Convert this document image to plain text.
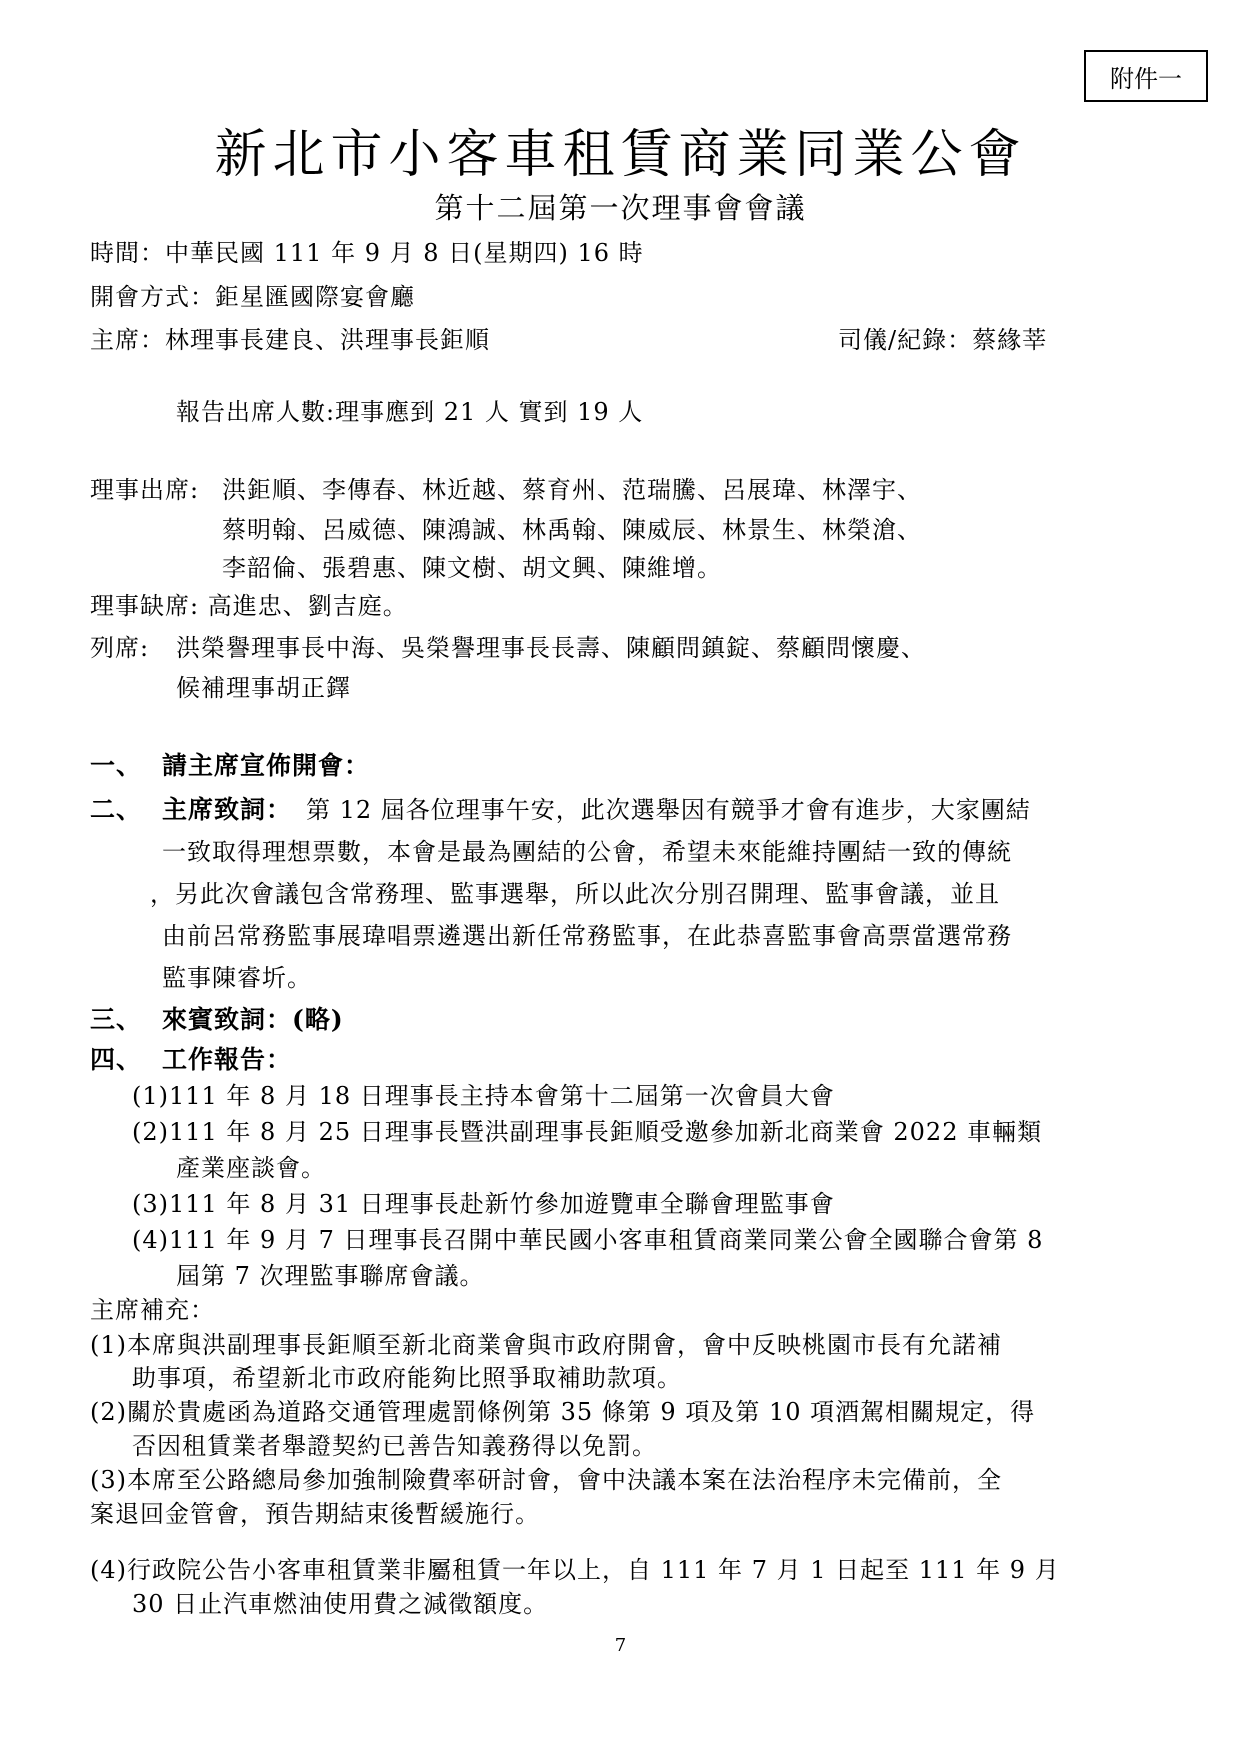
附件一
新北市小客車租賃商業同業公會
第十二屆第一次理事會會議
時間：中華民國 111 年 9 月 8 日(星期四) 16 時
開會方式：鉅星匯國際宴會廳
主席：林理事長建良、洪理事長鉅順	司儀/紀錄：蔡緣莘
報告出席人數:理事應到 21 人 實到 19 人
理事出席: 洪鉅順、李傳春、林近越、蔡育州、范瑞騰、呂展瑋、林澤宇、
蔡明翰、呂威德、陳鴻誠、林禹翰、陳威辰、林景生、林榮滄、
李韶倫、張碧惠、陳文樹、胡文興、陳維增。
理事缺席: 高進忠、劉吉庭。
列席: 洪榮譽理事長中海、吳榮譽理事長長壽、陳顧問鎮錠、蔡顧問懷慶、
候補理事胡正鐸
一、 請主席宣佈開會：
二、 主席致詞： 第 12 屆各位理事午安，此次選舉因有競爭才會有進步，大家團結
一致取得理想票數，本會是最為團結的公會，希望未來能維持團結一致的傳統
，另此次會議包含常務理、監事選舉，所以此次分別召開理、監事會議，並且
由前呂常務監事展瑋唱票遴選出新任常務監事，在此恭喜監事會高票當選常務
監事陳睿圻。
三、 來賓致詞：(略)
四、 工作報告：
(1)111 年 8 月 18 日理事長主持本會第十二屆第一次會員大會
(2)111 年 8 月 25 日理事長暨洪副理事長鉅順受邀參加新北商業會 2022 車輛類
產業座談會。
(3)111 年 8 月 31 日理事長赴新竹參加遊覽車全聯會理監事會
(4)111 年 9 月 7 日理事長召開中華民國小客車租賃商業同業公會全國聯合會第 8
屆第 7 次理監事聯席會議。
主席補充：
(1)本席與洪副理事長鉅順至新北商業會與市政府開會，會中反映桃園市長有允諾補
助事項，希望新北市政府能夠比照爭取補助款項。
(2)關於貴處函為道路交通管理處罰條例第 35 條第 9 項及第 10 項酒駕相關規定，得
否因租賃業者舉證契約已善告知義務得以免罰。
(3)本席至公路總局參加強制險費率研討會，會中決議本案在法治程序未完備前，全
案退回金管會，預告期結束後暫緩施行。
(4)行政院公告小客車租賃業非屬租賃一年以上，自 111 年 7 月 1 日起至 111 年 9 月
30 日止汽車燃油使用費之減徵額度。
7
